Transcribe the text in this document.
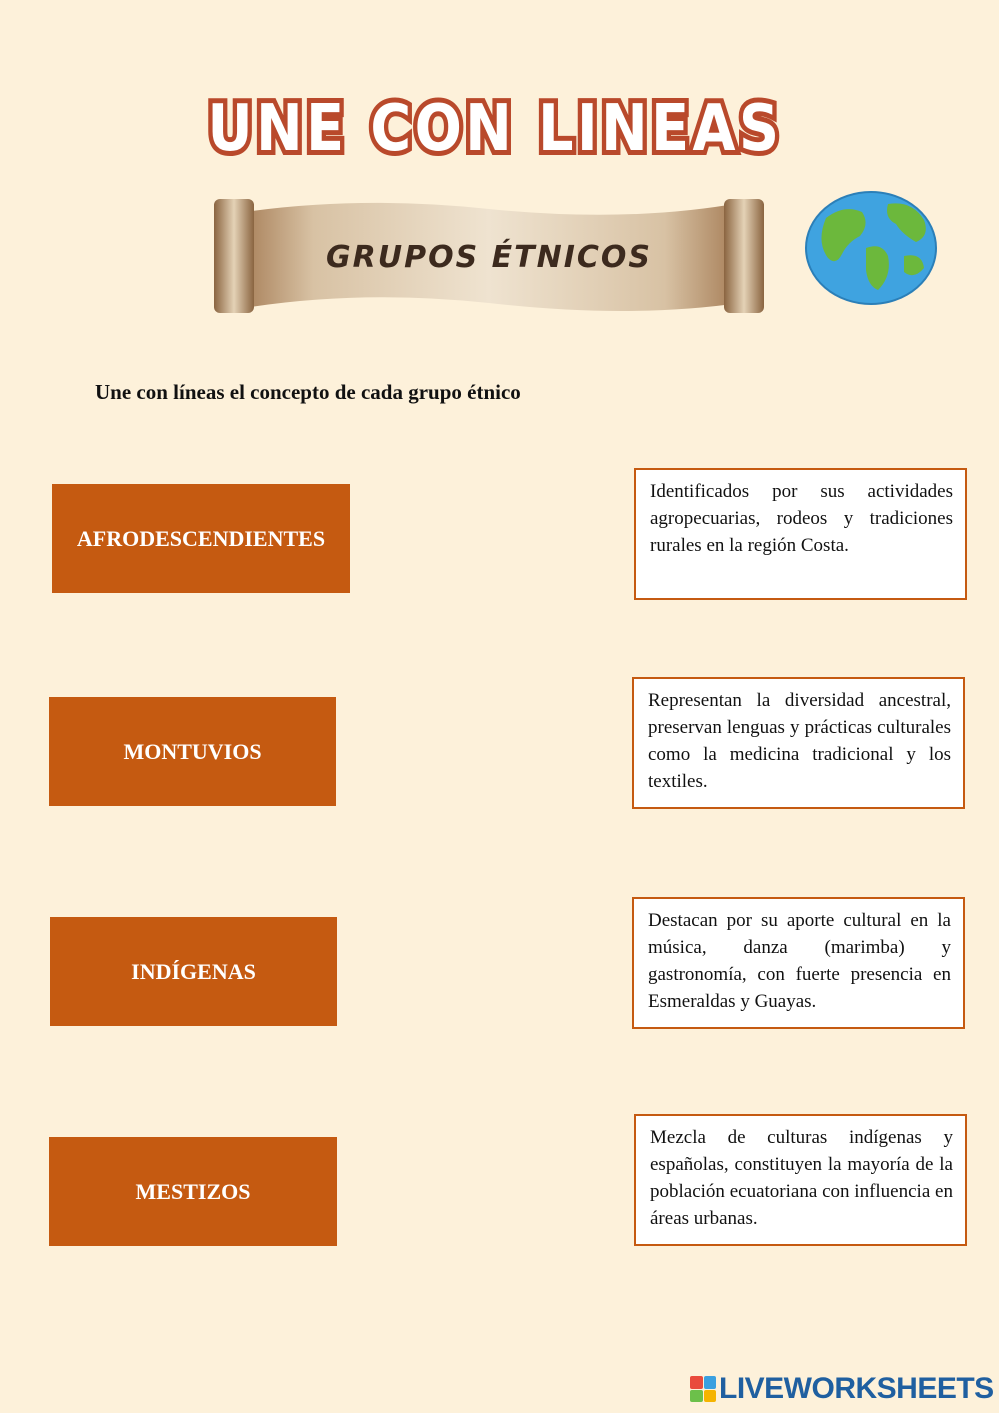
UNE CON LINEAS
GRUPOS ÉTNICOS
Une con líneas el concepto de cada grupo étnico
AFRODESCENDIENTES
MONTUVIOS
INDÍGENAS
MESTIZOS
Identificados por sus actividades agropecuarias, rodeos y tradiciones rurales en la región Costa.
Representan la diversidad ancestral, preservan lenguas y prácticas culturales como la medicina tradicional y los textiles.
Destacan por su aporte cultural en la música, danza (marimba) y gastronomía, con fuerte presencia en Esmeraldas y Guayas.
Mezcla de culturas indígenas y españolas, constituyen la mayoría de la población ecuatoriana con influencia en áreas urbanas.
LIVEWORKSHEETS
